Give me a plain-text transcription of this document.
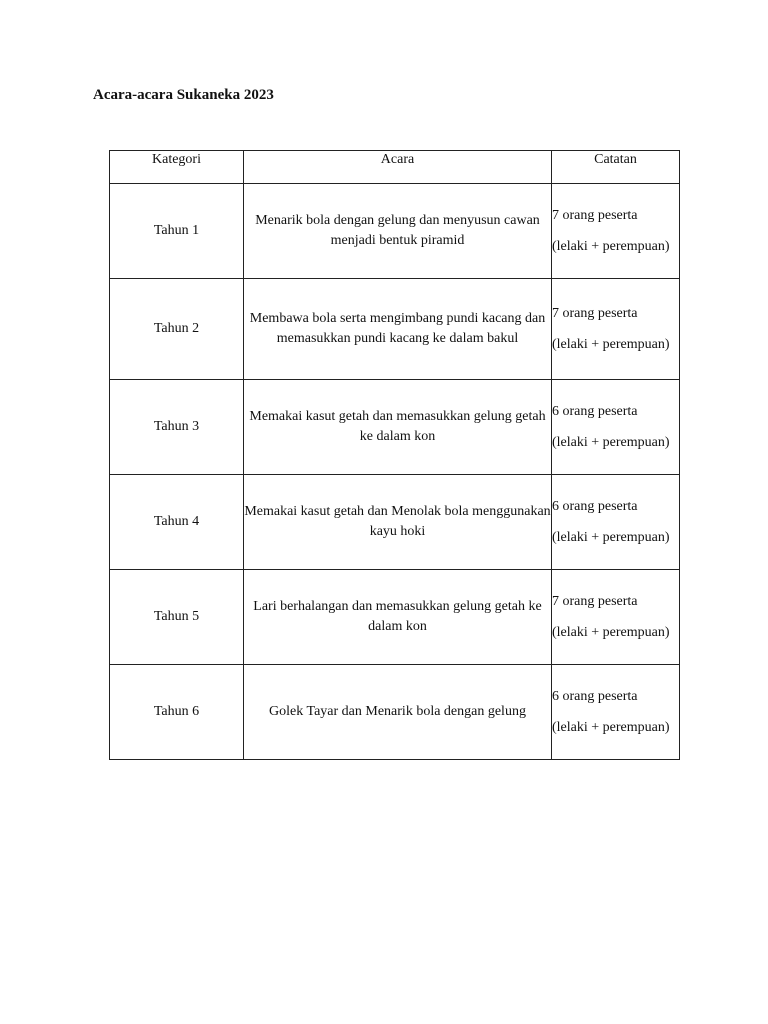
Acara-acara Sukaneka 2023
Kategori	Acara	Catatan
Tahun 1	Menarik bola dengan gelung dan menyusun cawan menjadi bentuk piramid	7 orang peserta
(lelaki + perempuan)

Tahun 2	Membawa bola serta mengimbang pundi kacang dan memasukkan pundi kacang ke dalam bakul	7 orang peserta
(lelaki + perempuan)

Tahun 3	Memakai kasut getah dan memasukkan gelung getah ke dalam kon	6 orang peserta
(lelaki + perempuan)

Tahun 4	Memakai kasut getah dan Menolak bola menggunakan kayu hoki	6 orang peserta
(lelaki + perempuan)

Tahun 5	Lari berhalangan dan memasukkan gelung getah ke dalam kon	7 orang peserta
(lelaki + perempuan)

Tahun 6	Golek Tayar dan Menarik bola dengan gelung	6 orang peserta
(lelaki + perempuan)
